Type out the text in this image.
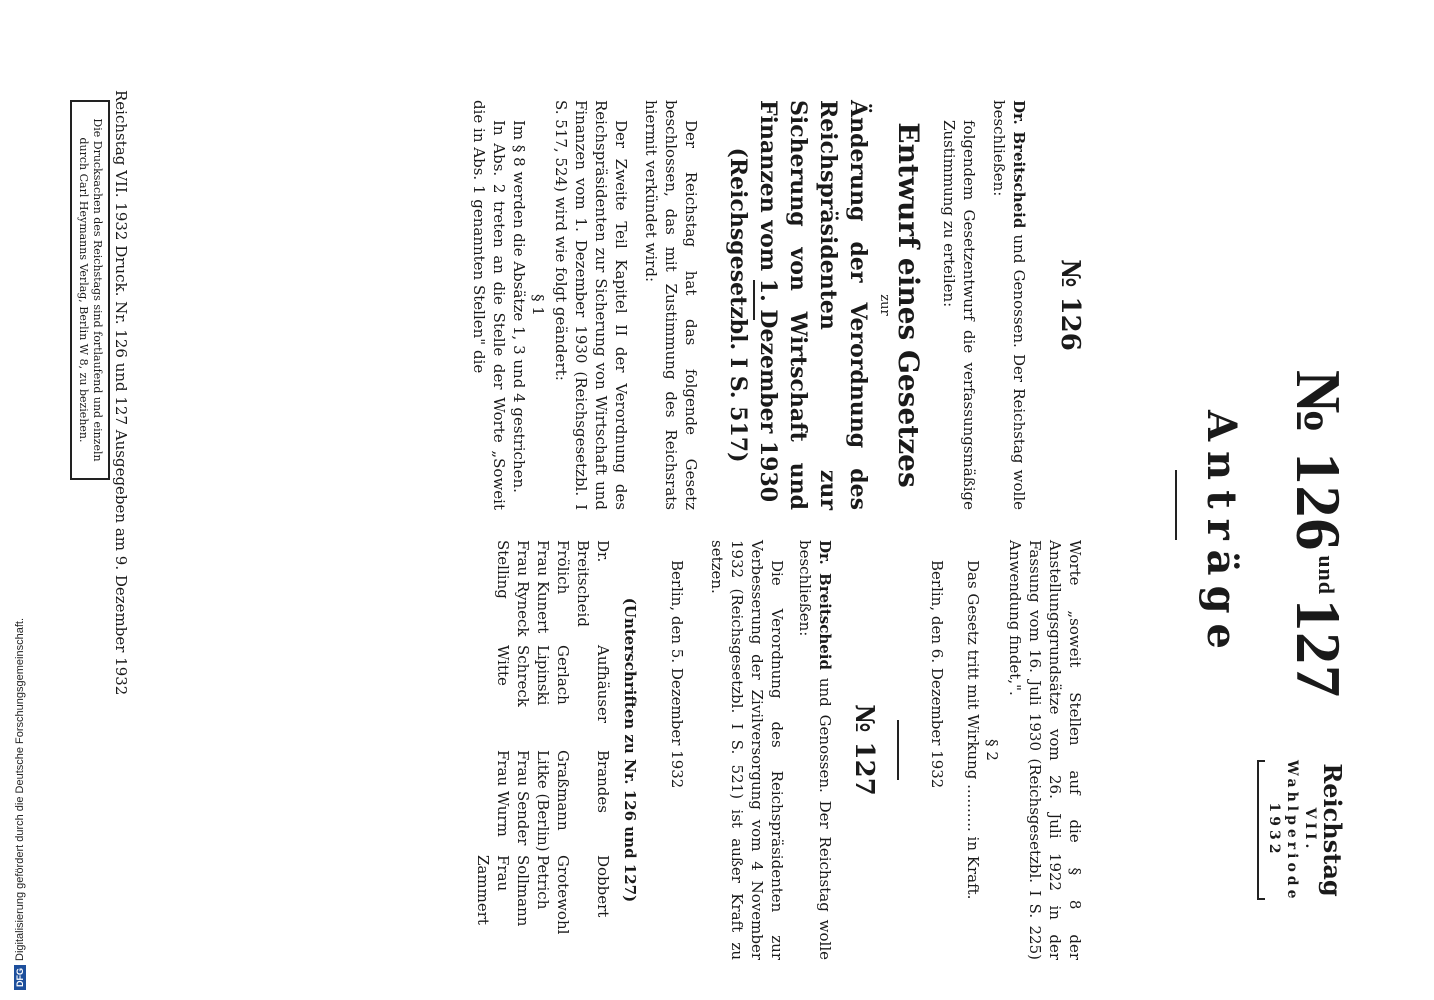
№ $126^{und}127$
Anträge
Reichstag
VII. Wahlperiode
1932
№ 126
Dr. Breitscheid und Genossen. Der Reichstag wolle beschließen:
folgendem Gesetzentwurf die verfassungsmäßige Zustimmung zu erteilen:
Entwurf eines Gesetzes
zur
Änderung der Verordnung des Reichspräsidenten zur Sicherung von Wirtschaft und Finanzen vom 1. Dezember 1930
(Reichsgesetzbl. I S. 517)
Der Reichstag hat das folgende Gesetz beschlossen, das mit Zustimmung des Reichsrats hiermit verkündet wird:
Der Zweite Teil Kapitel II der Verordnung des Reichspräsidenten zur Sicherung von Wirtschaft und Finanzen vom 1. Dezember 1930 (Reichsgesetzbl. I S. 517, 524) wird wie folgt geändert:
§ 1
Im § 8 werden die Absätze 1, 3 und 4 gestrichen.
In Abs. 2 treten an die Stelle der Worte „Soweit die in Abs. 1 genannten Stellen" die
Worte „soweit Stellen auf die § 8 der Anstellungsgrundsätze vom 26. Juli 1922 in der Fassung vom 16. Juli 1930 (Reichsgesetzbl. I S. 225) Anwendung findet,".
§ 2
Das Gesetz tritt mit Wirkung .......... in Kraft.
Berlin, den 6. Dezember 1932
№ 127
Dr. Breitscheid und Genossen. Der Reichstag wolle beschließen:
Die Verordnung des Reichspräsidenten zur Verbesserung der Zivilversorgung vom 4 November 1932 (Reichsgesetzbl. I S. 521) ist außer Kraft zu setzen.
Berlin, den 5. Dezember 1932
(Unterschriften zu Nr. 126 und 127)
Dr. Breitscheid
Aufhäuser
Brandes
Dobbert
Frölich
Gerlach
Graßmann
Grotewohl
Frau Kunert
Lipinski
Litke (Berlin)
Petrich
Frau Ryneck
Schreck
Frau Sender
Sollmann
Stelling
Witte
Frau Wurm
Frau Zammert
Reichstag VII. 1932 Druck. Nr. 126 und 127 Ausgegeben am 9. Dezember 1932
Die Drucksachen des Reichstags sind fortlaufend und einzeln durch Carl Heymanns Verlag, Berlin W 8, zu beziehen.
DFGDigitalisierung gefördert durch die Deutsche Forschungsgemeinschaft.
